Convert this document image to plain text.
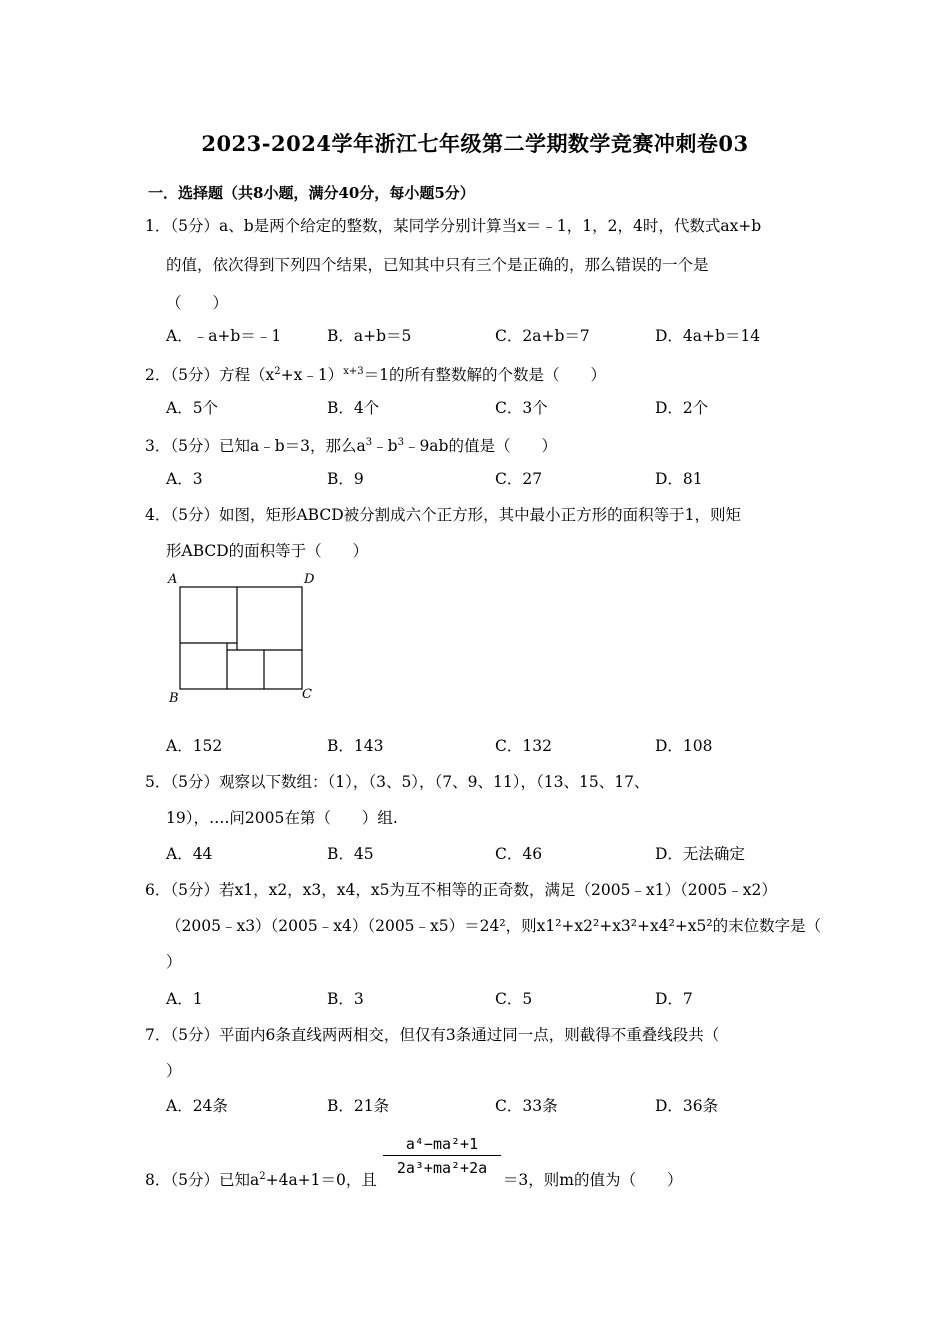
2023-2024学年浙江七年级第二学期数学竞赛冲刺卷03
一．选择题（共8小题，满分40分，每小题5分）
1．（5分）a、b是两个给定的整数，某同学分别计算当x＝﹣1，1，2，4时，代数式ax+b
的值，依次得到下列四个结果，已知其中只有三个是正确的，那么错误的一个是
（　　）
A．﹣a+b＝﹣1	B．a+b＝5	C．2a+b＝7	D．4a+b＝14
2．（5分）方程$(x^2+x﹣1)^{x+3}=1$的所有整数解的个数是（　　）
A．5个	B．4个	C．3个	D．2个
3．（5分）已知a﹣b＝3，那么$a^3﹣b^3﹣9ab$的值是（　　）
A．3	B．9	C．27	D．81
4．（5分）如图，矩形ABCD被分割成六个正方形，其中最小正方形的面积等于1，则矩
形ABCD的面积等于（　　）
A	D
B	C
A．152	B．143	C．132	D．108
5．（5分）观察以下数组：（1），（3、5），（7、9、11），（13、15、17、
19），….问2005在第（　　）组.
A．44	B．45	C．46	D．无法确定
6．（5分）若x1，x2，x3，x4，x5为互不相等的正奇数，满足（2005﹣x1）（2005﹣x2）
（2005﹣x3）（2005﹣x4）（2005﹣x5）＝24²，则x1²+x2²+x3²+x4²+x5²的末位数字是（
）
A．1	B．3	C．5	D．7
7．（5分）平面内6条直线两两相交，但仅有3条通过同一点，则截得不重叠线段共（
）
A．24条	B．21条	C．33条	D．36条
8．（5分）已知$a^2+4a+1=0$，且	＝3，则m的值为（　　）
a⁴−ma²+1
2a³+ma²+2a
